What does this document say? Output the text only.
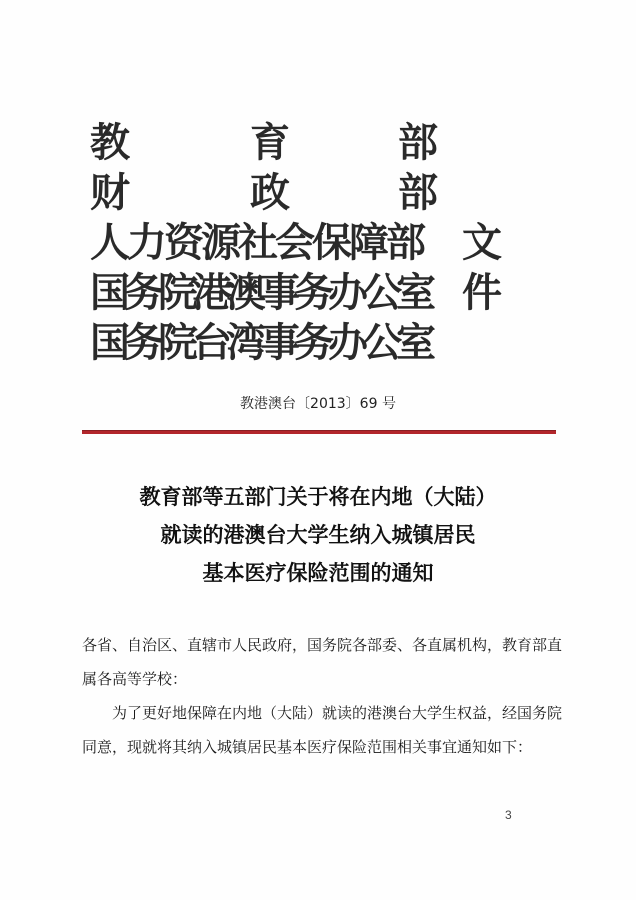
教	育	部
财	政	部
人力资源社会保障部 文件
国务院港澳事务办公室
国务院台湾事务办公室
教港澳台〔2013〕69 号
教育部等五部门关于将在内地（大陆）
就读的港澳台大学生纳入城镇居民
基本医疗保险范围的通知

各省、自治区、直辖市人民政府，国务院各部委、各直属机构，教育部直属各高等学校：

为了更好地保障在内地（大陆）就读的港澳台大学生权益，经国务院同意，现就将其纳入城镇居民基本医疗保险范围相关事宜通知如下：

3
